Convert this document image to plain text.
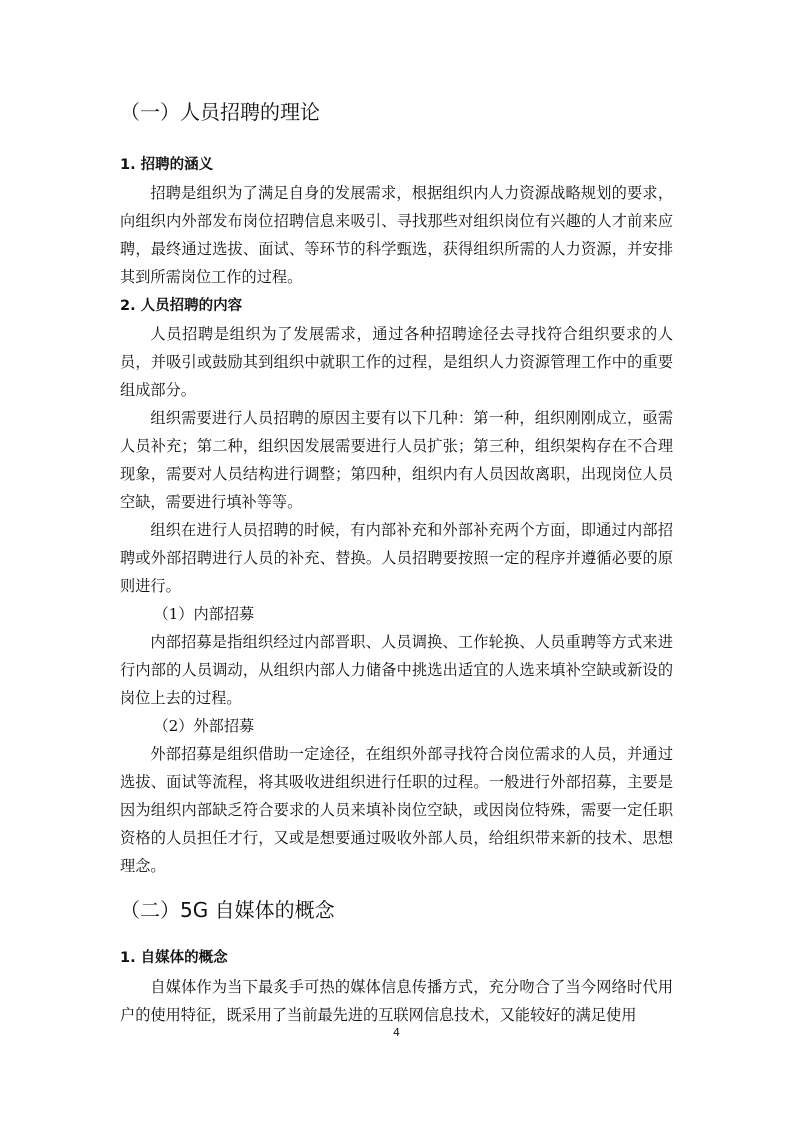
（一）人员招聘的理论
1. 招聘的涵义

招聘是组织为了满足自身的发展需求，根据组织内人力资源战略规划的要求，向组织内外部发布岗位招聘信息来吸引、寻找那些对组织岗位有兴趣的人才前来应聘，最终通过选拔、面试、等环节的科学甄选，获得组织所需的人力资源，并安排其到所需岗位工作的过程。

2. 人员招聘的内容

人员招聘是组织为了发展需求，通过各种招聘途径去寻找符合组织要求的人员，并吸引或鼓励其到组织中就职工作的过程，是组织人力资源管理工作中的重要组成部分。

组织需要进行人员招聘的原因主要有以下几种：第一种，组织刚刚成立，亟需人员补充；第二种，组织因发展需要进行人员扩张；第三种，组织架构存在不合理现象，需要对人员结构进行调整；第四种，组织内有人员因故离职，出现岗位人员空缺，需要进行填补等等。

组织在进行人员招聘的时候，有内部补充和外部补充两个方面，即通过内部招聘或外部招聘进行人员的补充、替换。人员招聘要按照一定的程序并遵循必要的原则进行。

（1）内部招募

内部招募是指组织经过内部晋职、人员调换、工作轮换、人员重聘等方式来进行内部的人员调动，从组织内部人力储备中挑选出适宜的人选来填补空缺或新设的岗位上去的过程。

（2）外部招募

外部招募是组织借助一定途径，在组织外部寻找符合岗位需求的人员，并通过选拔、面试等流程，将其吸收进组织进行任职的过程。一般进行外部招募，主要是因为组织内部缺乏符合要求的人员来填补岗位空缺，或因岗位特殊，需要一定任职资格的人员担任才行，又或是想要通过吸收外部人员，给组织带来新的技术、思想理念。

（二）5G 自媒体的概念
1. 自媒体的概念

自媒体作为当下最炙手可热的媒体信息传播方式，充分吻合了当今网络时代用户的使用特征，既采用了当前最先进的互联网信息技术，又能较好的满足使用

4
